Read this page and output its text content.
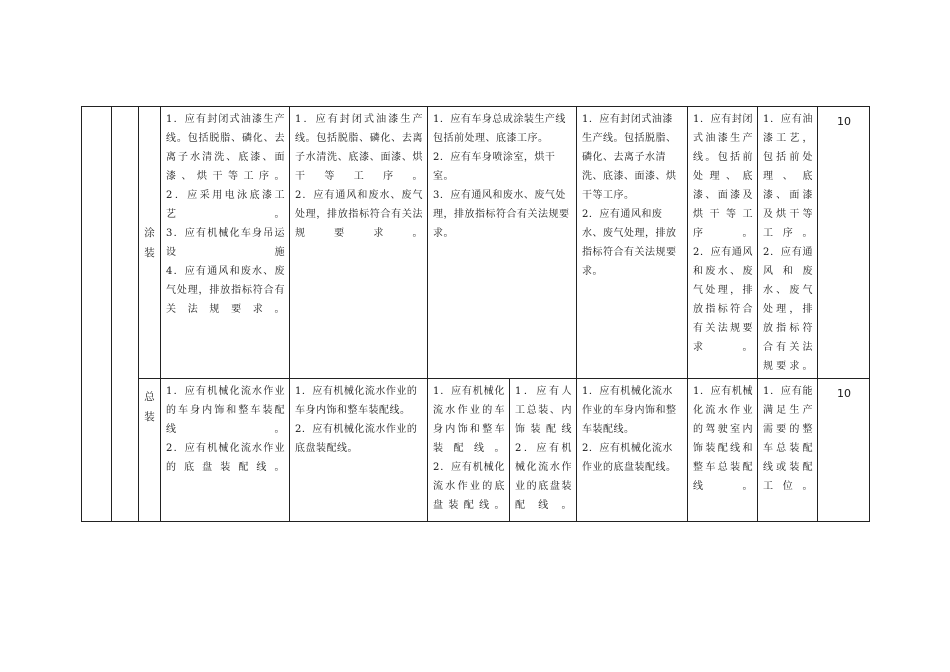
		涂装	1．应有封闭式油漆生产线。包括脱脂、磷化、去离子水清洗、底漆、面漆、烘干等工序。
2．应采用电泳底漆工艺。
3．应有机械化车身吊运设施
4．应有通风和废水、废气处理，排放指标符合有关法规要求。	1．应有封闭式油漆生产线。包括脱脂、磷化、去离子水清洗、底漆、面漆、烘干等工序。
2．应有通风和废水、废气处理，排放指标符合有关法规要求。	1．应有车身总成涂装生产线包括前处理、底漆工序。
2．应有车身喷涂室，烘干室。
3．应有通风和废水、废气处理，排放指标符合有关法规要求。		1．应有封闭式油漆生产线。包括脱脂、磷化、去离子水清洗、底漆、面漆、烘干等工序。
2．应有通风和废水、废气处理，排放指标符合有关法规要求。	1．应有封闭式油漆生产线。包括前处理、底漆、面漆及烘干等工序。
2．应有通风和废水、废气处理，排放指标符合有关法规要求。	1．应有油漆工艺，包括前处理、底漆、面漆及烘干等工序。
2．应有通风和废水、废气处理，排放指标符合有关法规要求。	10
		总装	1．应有机械化流水作业的车身内饰和整车装配线。
2．应有机械化流水作业的底盘装配线。	1．应有机械化流水作业的车身内饰和整车装配线。
2．应有机械化流水作业的底盘装配线。	1．应有机械化流水作业的车身内饰和整车装配线。
2．应有机械化流水作业的底盘装配线。	1．应有人工总装、内饰装配线
2．应有机械化流水作业的底盘装配线。	1．应有机械化流水作业的车身内饰和整车装配线。
2．应有机械化流水作业的底盘装配线。	1．应有机械化流水作业的驾驶室内饰装配线和整车总装配线。	1．应有能满足生产需要的整车总装配线或装配工位。	10
